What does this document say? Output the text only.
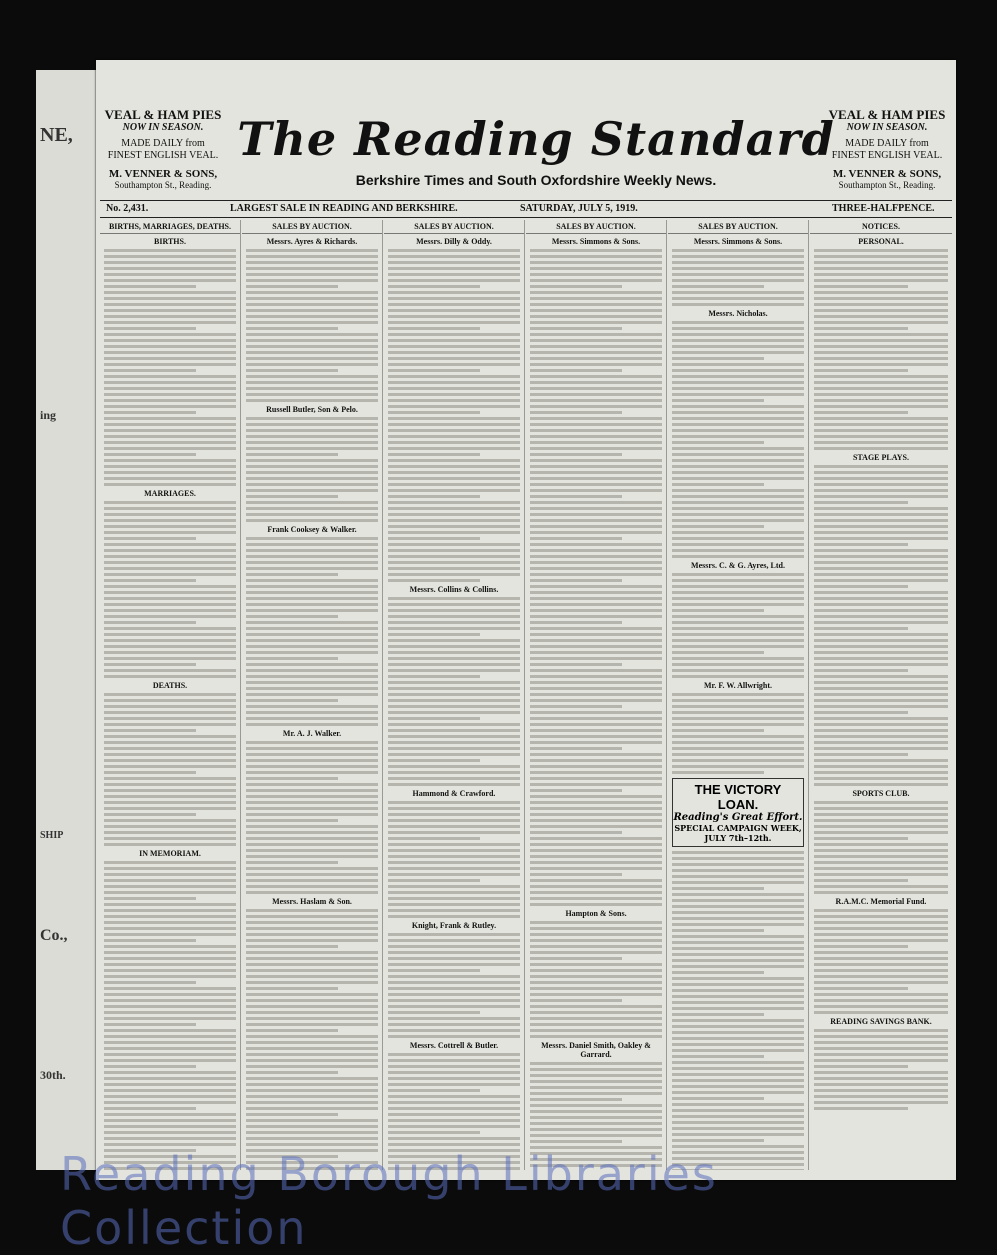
NE,
ing
SHIP
Co.,
30th.
VEAL & HAM PIES
NOW IN SEASON.
MADE DAILY from FINEST ENGLISH VEAL.
M. VENNER & SONS,
Southampton St., Reading.
The Reading Standard
Berkshire Times and South Oxfordshire Weekly News.
VEAL & HAM PIES
NOW IN SEASON.
MADE DAILY from FINEST ENGLISH VEAL.
M. VENNER & SONS,
Southampton St., Reading.
No. 2,431.	LARGEST SALE IN READING AND BERKSHIRE.	SATURDAY, JULY 5, 1919.	THREE-HALFPENCE.
BIRTHS, MARRIAGES, DEATHS.
BIRTHS.
MARRIAGES.
DEATHS.
IN MEMORIAM.
SALES BY AUCTION.
Messrs. Ayres & Richards.
Russell Butler, Son & Pelo.
Frank Cooksey & Walker.
Mr. A. J. Walker.
Messrs. Haslam & Son.
SALES BY AUCTION.
Messrs. Dilly & Oddy.
Messrs. Collins & Collins.
Hammond & Crawford.
Knight, Frank & Rutley.
Messrs. Cottrell & Butler.
SALES BY AUCTION.
Messrs. Simmons & Sons.
Hampton & Sons.
Messrs. Daniel Smith, Oakley & Garrard.
SALES BY AUCTION.
Messrs. Simmons & Sons.
Messrs. Nicholas.
Messrs. C. & G. Ayres, Ltd.
Mr. F. W. Allwright.
THE VICTORY LOAN.
Reading's Great Effort.
SPECIAL CAMPAIGN WEEK, JULY 7th–12th.
NOTICES.
PERSONAL.
STAGE PLAYS.
SPORTS CLUB.
R.A.M.C. Memorial Fund.
READING SAVINGS BANK.
Reading Borough Libraries Collection
